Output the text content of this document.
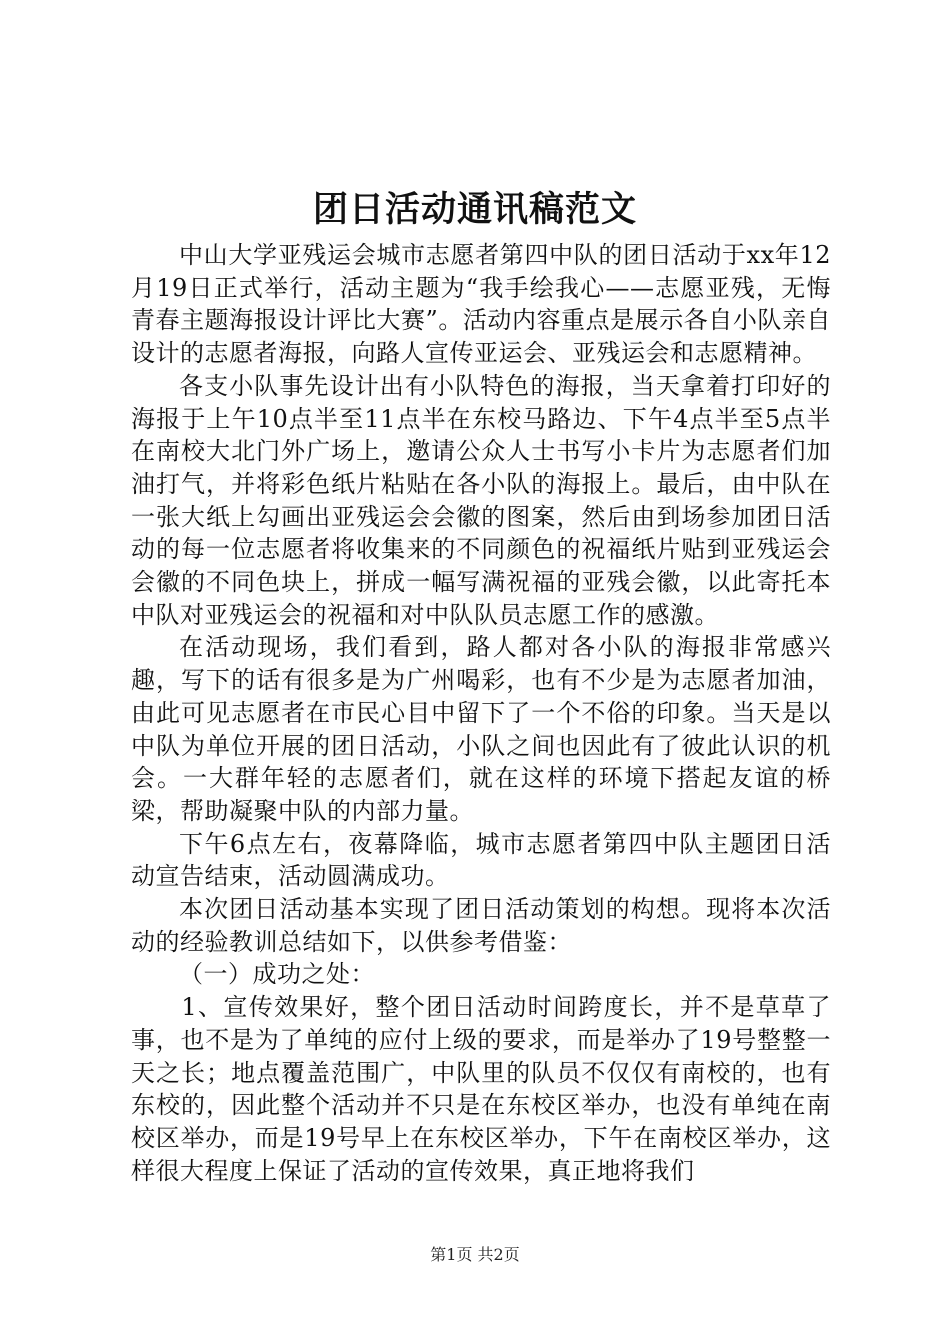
团日活动通讯稿范文

中山大学亚残运会城市志愿者第四中队的团日活动于xx年12月19日正式举行，活动主题为“我手绘我心——志愿亚残，无悔青春主题海报设计评比大赛”。活动内容重点是展示各自小队亲自设计的志愿者海报，向路人宣传亚运会、亚残运会和志愿精神。

各支小队事先设计出有小队特色的海报，当天拿着打印好的海报于上午10点半至11点半在东校马路边、下午4点半至5点半在南校大北门外广场上，邀请公众人士书写小卡片为志愿者们加油打气，并将彩色纸片粘贴在各小队的海报上。最后，由中队在一张大纸上勾画出亚残运会会徽的图案，然后由到场参加团日活动的每一位志愿者将收集来的不同颜色的祝福纸片贴到亚残运会会徽的不同色块上，拼成一幅写满祝福的亚残会徽，以此寄托本中队对亚残运会的祝福和对中队队员志愿工作的感激。

在活动现场，我们看到，路人都对各小队的海报非常感兴趣，写下的话有很多是为广州喝彩，也有不少是为志愿者加油，由此可见志愿者在市民心目中留下了一个不俗的印象。当天是以中队为单位开展的团日活动，小队之间也因此有了彼此认识的机会。一大群年轻的志愿者们，就在这样的环境下搭起友谊的桥梁，帮助凝聚中队的内部力量。

下午6点左右，夜幕降临，城市志愿者第四中队主题团日活动宣告结束，活动圆满成功。

本次团日活动基本实现了团日活动策划的构想。现将本次活动的经验教训总结如下，以供参考借鉴：

（一）成功之处：

1、宣传效果好，整个团日活动时间跨度长，并不是草草了事，也不是为了单纯的应付上级的要求，而是举办了19号整整一天之长；地点覆盖范围广，中队里的队员不仅仅有南校的，也有东校的，因此整个活动并不只是在东校区举办，也没有单纯在南校区举办，而是19号早上在东校区举办，下午在南校区举办，这样很大程度上保证了活动的宣传效果，真正地将我们

第1页 共2页
